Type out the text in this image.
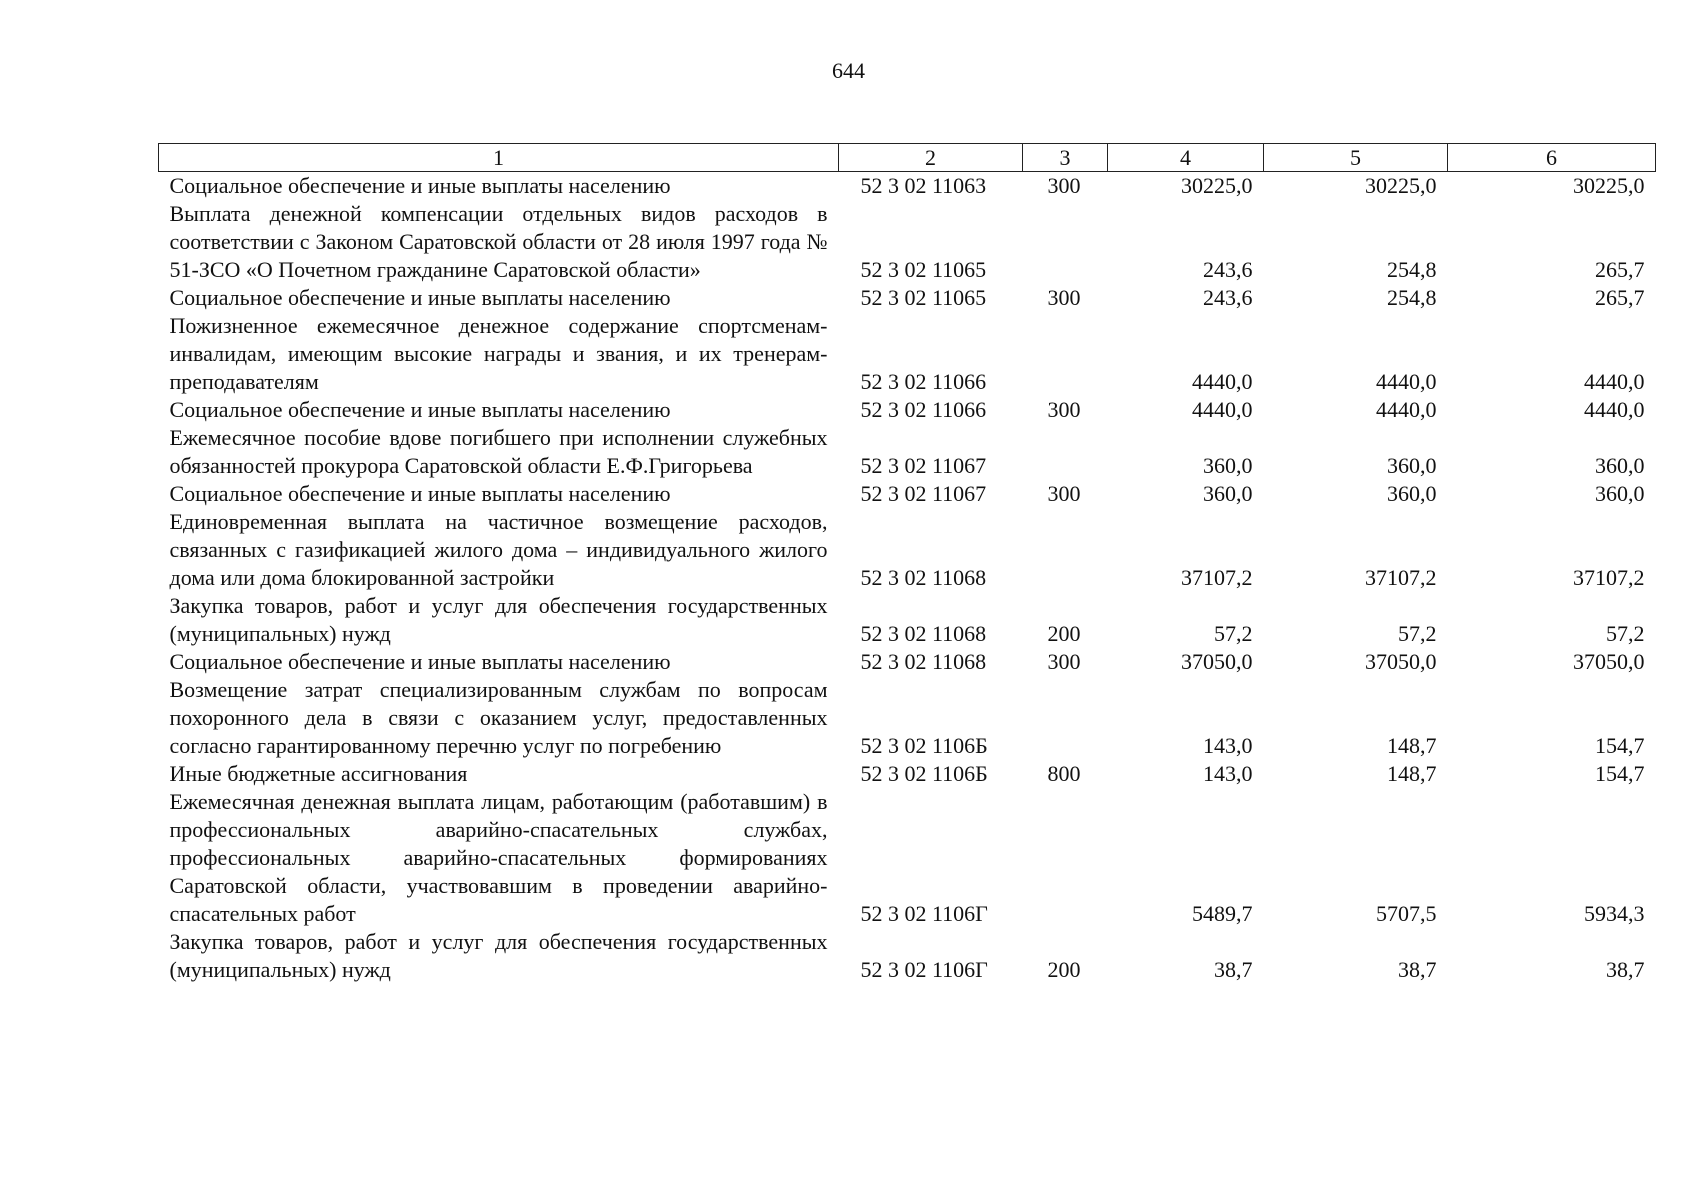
644
1	2	3	4	5	6
Социальное обеспечение и иные выплаты населению	52 3 02 11063	300	30225,0	30225,0	30225,0
Выплата денежной компенсации отдельных видов расходов в соответствии с Законом Саратовской области от 28 июля 1997 года № 51-ЗСО «О Почетном гражданине Саратовской области»	52 3 02 11065		243,6	254,8	265,7
Социальное обеспечение и иные выплаты населению	52 3 02 11065	300	243,6	254,8	265,7
Пожизненное ежемесячное денежное содержание спортсменам-инвалидам, имеющим высокие награды и звания, и их тренерам-преподавателям	52 3 02 11066		4440,0	4440,0	4440,0
Социальное обеспечение и иные выплаты населению	52 3 02 11066	300	4440,0	4440,0	4440,0
Ежемесячное пособие вдове погибшего при исполнении служебных обязанностей прокурора Саратовской области Е.Ф.Григорьева	52 3 02 11067		360,0	360,0	360,0
Социальное обеспечение и иные выплаты населению	52 3 02 11067	300	360,0	360,0	360,0
Единовременная выплата на частичное возмещение расходов, связанных с газификацией жилого дома – индивидуального жилого дома или дома блокированной застройки	52 3 02 11068		37107,2	37107,2	37107,2
Закупка товаров, работ и услуг для обеспечения государственных (муниципальных) нужд	52 3 02 11068	200	57,2	57,2	57,2
Социальное обеспечение и иные выплаты населению	52 3 02 11068	300	37050,0	37050,0	37050,0
Возмещение затрат специализированным службам по вопросам похоронного дела в связи с оказанием услуг, предоставленных согласно гарантированному перечню услуг по погребению	52 3 02 1106Б		143,0	148,7	154,7
Иные бюджетные ассигнования	52 3 02 1106Б	800	143,0	148,7	154,7
Ежемесячная денежная выплата лицам, работающим (работавшим) в профессиональных аварийно-спасательных службах, профессиональных аварийно-спасательных формированиях Саратовской области, участвовавшим в проведении аварийно-спасательных работ	52 3 02 1106Г		5489,7	5707,5	5934,3
Закупка товаров, работ и услуг для обеспечения государственных (муниципальных) нужд	52 3 02 1106Г	200	38,7	38,7	38,7
